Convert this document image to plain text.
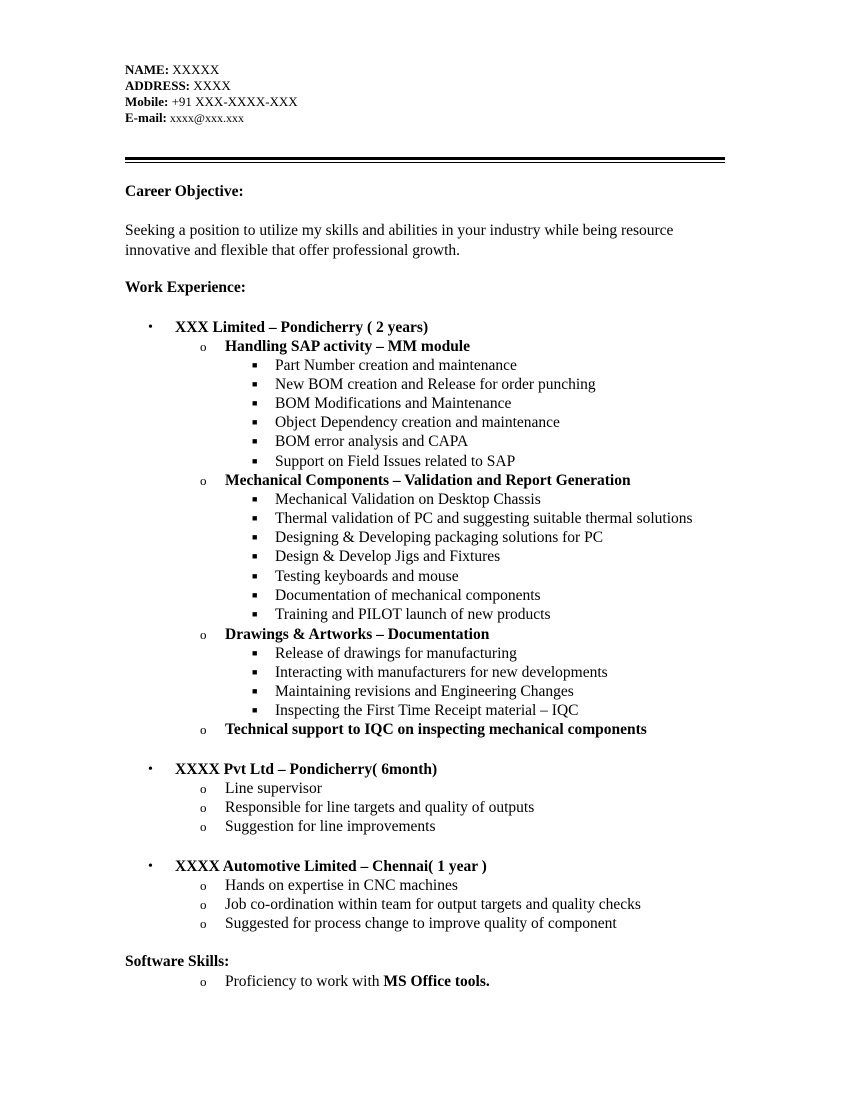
NAME: XXXXX
ADDRESS: XXXX
Mobile: +91 XXX-XXXX-XXX
E-mail: xxxx@xxx.xxx
Career Objective:
Seeking a position to utilize my skills and abilities in your industry while being resource
innovative and flexible that offer professional growth.
Work Experience:
• XXX Limited – Pondicherry ( 2 years)
o Handling SAP activity – MM module
■ Part Number creation and maintenance
■ New BOM creation and Release for order punching
■ BOM Modifications and Maintenance
■ Object Dependency creation and maintenance
■ BOM error analysis and CAPA
■ Support on Field Issues related to SAP
o Mechanical Components – Validation and Report Generation
■ Mechanical Validation on Desktop Chassis
■ Thermal validation of PC and suggesting suitable thermal solutions
■ Designing & Developing packaging solutions for PC
■ Design & Develop Jigs and Fixtures
■ Testing keyboards and mouse
■ Documentation of mechanical components
■ Training and PILOT launch of new products
o Drawings & Artworks – Documentation
■ Release of drawings for manufacturing
■ Interacting with manufacturers for new developments
■ Maintaining revisions and Engineering Changes
■ Inspecting the First Time Receipt material – IQC
o Technical support to IQC on inspecting mechanical components
• XXXX Pvt Ltd – Pondicherry( 6month)
o Line supervisor
o Responsible for line targets and quality of outputs
o Suggestion for line improvements
• XXXX Automotive Limited – Chennai( 1 year )
o Hands on expertise in CNC machines
o Job co-ordination within team for output targets and quality checks
o Suggested for process change to improve quality of component
Software Skills:
o Proficiency to work with MS Office tools.
